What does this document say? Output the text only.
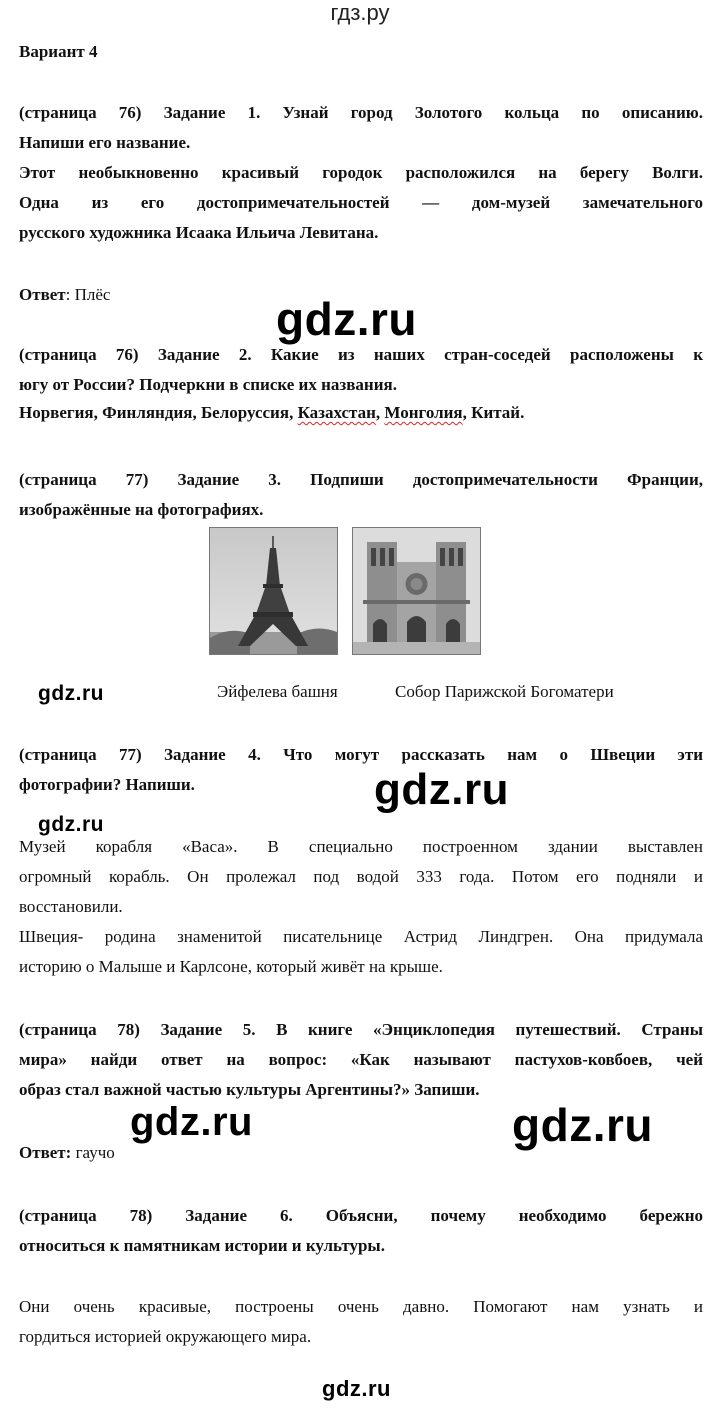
гдз.ру
Вариант 4
(страница 76) Задание 1. Узнай город Золотого кольца по описанию.
Напиши его название.
Этот необыкновенно красивый городок расположился на берегу Волги.
Одна из его достопримечательностей — дом-музей замечательного
русского художника Исаака Ильича Левитана.
Ответ: Плёс	gdz.ru
(страница 76) Задание 2. Какие из наших стран-соседей расположены к
югу от России? Подчеркни в списке их названия.
Норвегия, Финляндия, Белоруссия, Казахстан, Монголия, Китай.
(страница 77) Задание 3. Подпиши достопримечательности Франции,
изображённые на фотографиях.
gdz.ru	Эйфелева башня	Собор Парижской Богоматери
(страница 77) Задание 4. Что могут рассказать нам о Швеции эти
фотографии? Напиши.	gdz.ru
gdz.ru
Музей корабля «Васа». В специально построенном здании выставлен
огромный корабль. Он пролежал под водой 333 года. Потом его подняли и
восстановили.
Швеция- родина знаменитой писательнице Астрид Линдгрен. Она придумала
историю о Малыше и Карлсоне, который живёт на крыше.
(страница 78) Задание 5. В книге «Энциклопедия путешествий. Страны
мира» найди ответ на вопрос: «Как называют пастухов-ковбоев, чей
образ стал важной частью культуры Аргентины?» Запиши.
gdz.ru	gdz.ru
Ответ: гаучо
(страница 78) Задание 6. Объясни, почему необходимо бережно
относиться к памятникам истории и культуры.
Они очень красивые, построены очень давно. Помогают нам узнать и
гордиться историей окружающего мира.
gdz.ru
